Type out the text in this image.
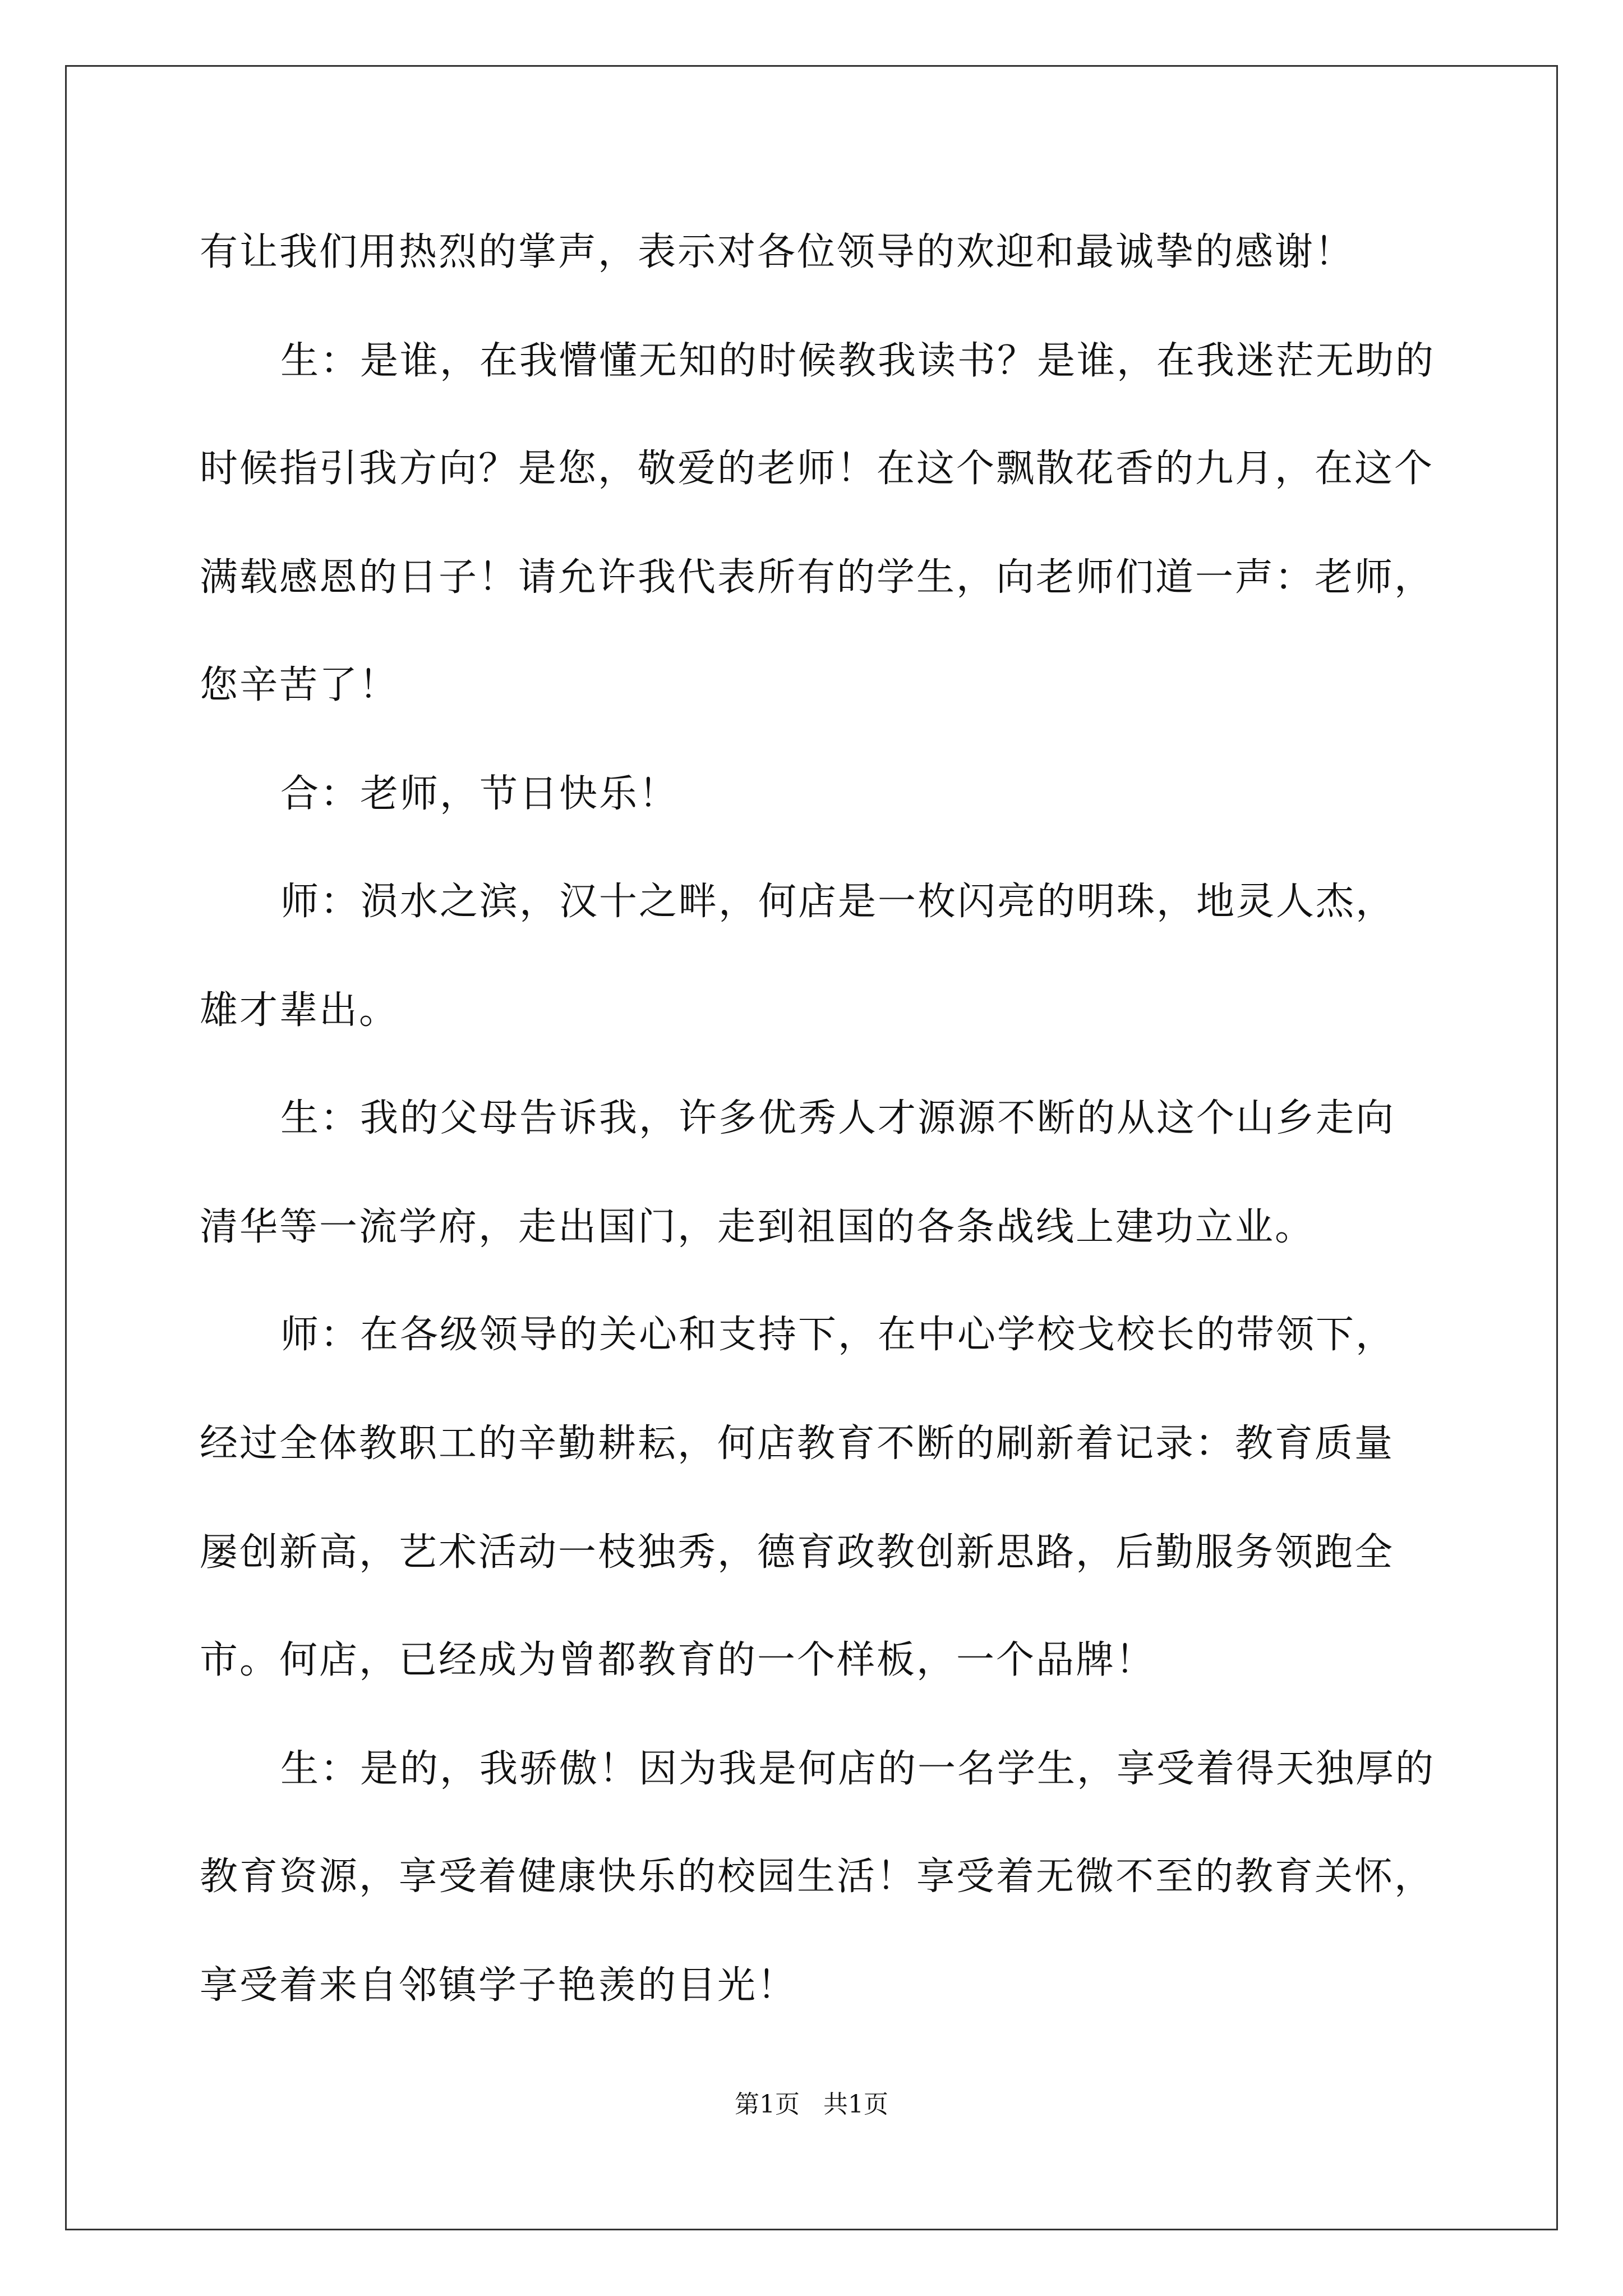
有让我们用热烈的掌声，表示对各位领导的欢迎和最诚挚的感谢！

生：是谁，在我懵懂无知的时候教我读书？是谁，在我迷茫无助的

时候指引我方向？是您，敬爱的老师！在这个飘散花香的九月，在这个

满载感恩的日子！请允许我代表所有的学生，向老师们道一声：老师，

您辛苦了！

合：老师，节日快乐！

师：涢水之滨，汉十之畔，何店是一枚闪亮的明珠，地灵人杰，

雄才辈出。

生：我的父母告诉我，许多优秀人才源源不断的从这个山乡走向

清华等一流学府，走出国门，走到祖国的各条战线上建功立业。

师：在各级领导的关心和支持下，在中心学校戈校长的带领下，

经过全体教职工的辛勤耕耘，何店教育不断的刷新着记录：教育质量

屡创新高，艺术活动一枝独秀，德育政教创新思路，后勤服务领跑全

市。何店，已经成为曾都教育的一个样板，一个品牌！

生：是的，我骄傲！因为我是何店的一名学生，享受着得天独厚的

教育资源，享受着健康快乐的校园生活！享受着无微不至的教育关怀，

享受着来自邻镇学子艳羡的目光！

第1页 共1页
